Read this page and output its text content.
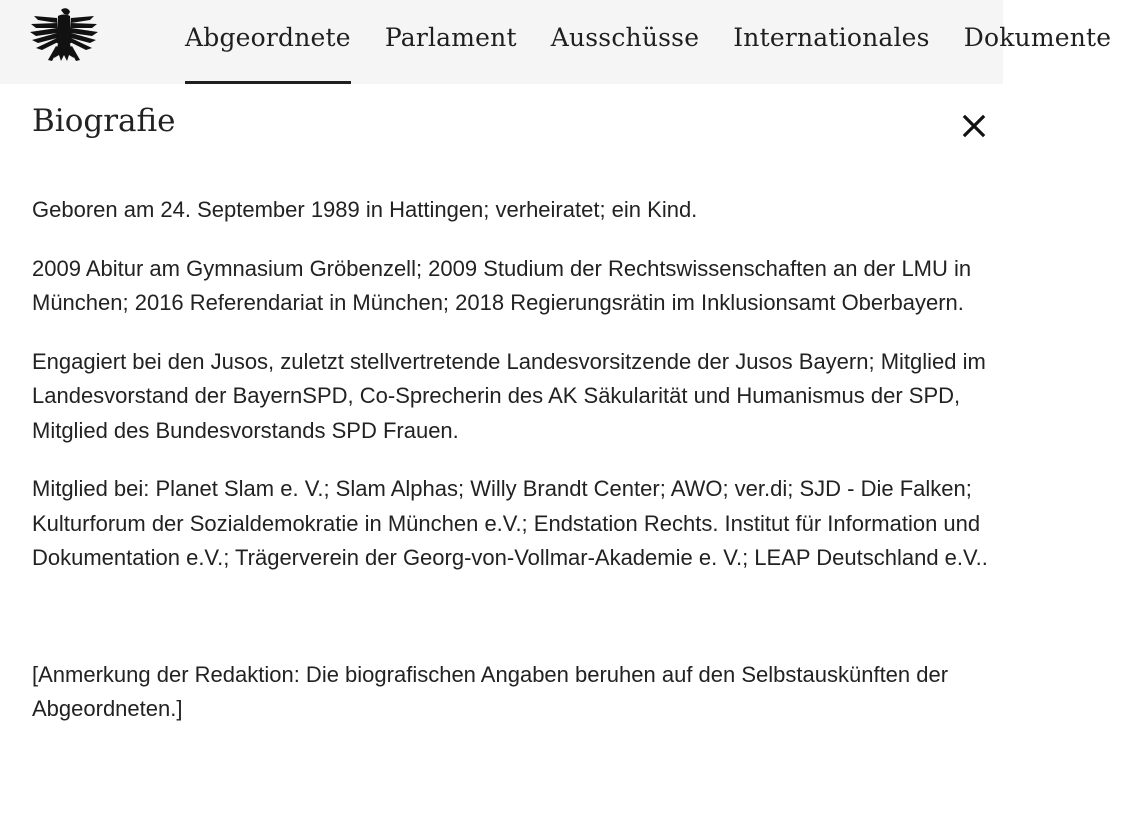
Abgeordnete Parlament Ausschüsse Internationales Dokumente
Biografie

Geboren am 24. September 1989 in Hattingen; verheiratet; ein Kind.

2009 Abitur am Gymnasium Gröbenzell; 2009 Studium der Rechtswissenschaften an der LMU in München; 2016 Referendariat in München; 2018 Regierungsrätin im Inklusionsamt Oberbayern.

Engagiert bei den Jusos, zuletzt stellvertretende Landesvorsitzende der Jusos Bayern; Mitglied im Landesvorstand der BayernSPD, Co-Sprecherin des AK Säkularität und Humanismus der SPD, Mitglied des Bundesvorstands SPD Frauen.

Mitglied bei: Planet Slam e. V.; Slam Alphas; Willy Brandt Center; AWO; ver.di; SJD - Die Falken; Kulturforum der Sozialdemokratie in München e.V.; Endstation Rechts. Institut für Information und Dokumentation e.V.; Trägerverein der Georg-von-Vollmar-Akademie e. V.; LEAP Deutschland e.V..

[Anmerkung der Redaktion: Die biografischen Angaben beruhen auf den Selbstauskünften der Abgeordneten.]
